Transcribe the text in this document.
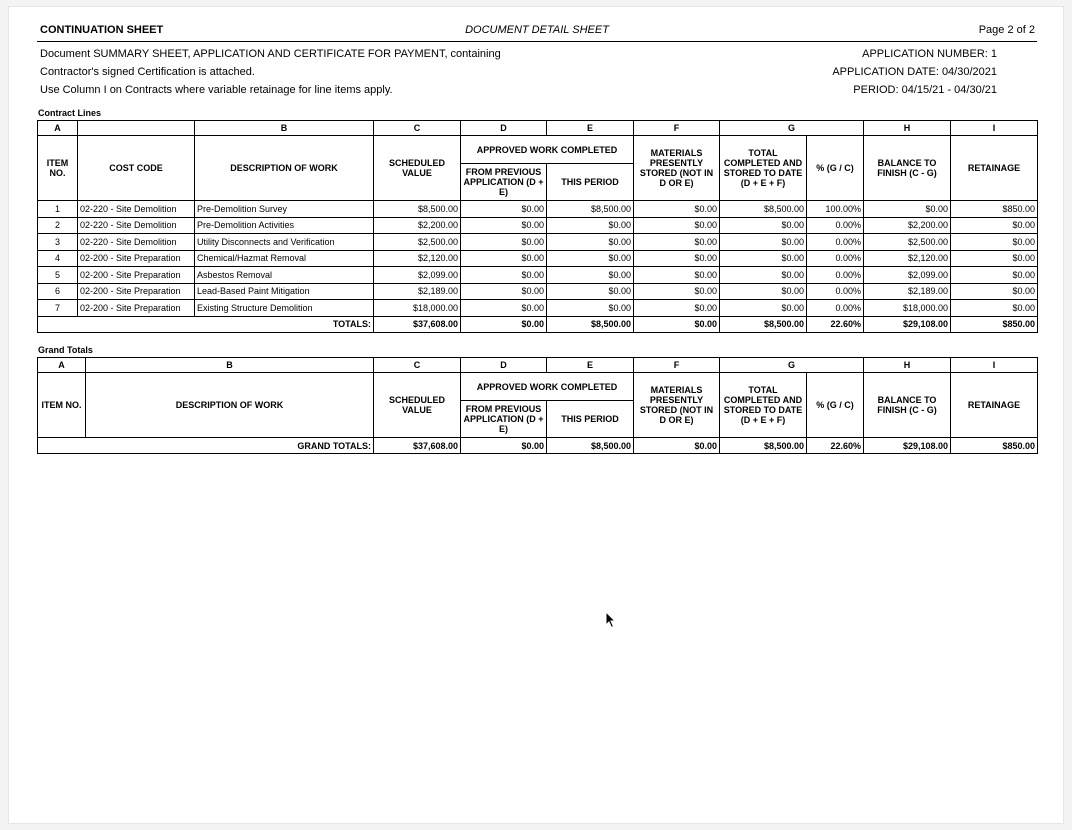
CONTINUATION SHEET	DOCUMENT DETAIL SHEET	Page 2 of 2
Document SUMMARY SHEET, APPLICATION AND CERTIFICATE FOR PAYMENT, containing
Contractor's signed Certification is attached.
Use Column I on Contracts where variable retainage for line items apply.
APPLICATION NUMBER: 1
APPLICATION DATE: 04/30/2021
PERIOD: 04/15/21 - 04/30/21
Contract Lines
A		B	C	D	E	F	G		H	I
ITEM NO.	COST CODE	DESCRIPTION OF WORK	SCHEDULED VALUE	APPROVED WORK COMPLETED		MATERIALS PRESENTLY STORED (NOT IN D OR E)	TOTAL COMPLETED AND STORED TO DATE (D + E + F)	% (G / C)	BALANCE TO FINISH (C - G)	RETAINAGE
				FROM PREVIOUS APPLICATION (D + E)	THIS PERIOD					
1	02-220 - Site Demolition	Pre-Demolition Survey	$8,500.00	$0.00	$8,500.00	$0.00	$8,500.00	100.00%	$0.00	$850.00
2	02-220 - Site Demolition	Pre-Demolition Activities	$2,200.00	$0.00	$0.00	$0.00	$0.00	0.00%	$2,200.00	$0.00
3	02-220 - Site Demolition	Utility Disconnects and Verification	$2,500.00	$0.00	$0.00	$0.00	$0.00	0.00%	$2,500.00	$0.00
4	02-200 - Site Preparation	Chemical/Hazmat Removal	$2,120.00	$0.00	$0.00	$0.00	$0.00	0.00%	$2,120.00	$0.00
5	02-200 - Site Preparation	Asbestos Removal	$2,099.00	$0.00	$0.00	$0.00	$0.00	0.00%	$2,099.00	$0.00
6	02-200 - Site Preparation	Lead-Based Paint Mitigation	$2,189.00	$0.00	$0.00	$0.00	$0.00	0.00%	$2,189.00	$0.00
7	02-200 - Site Preparation	Existing Structure Demolition	$18,000.00	$0.00	$0.00	$0.00	$0.00	0.00%	$18,000.00	$0.00
TOTALS:			$37,608.00	$0.00	$8,500.00	$0.00	$8,500.00	22.60%	$29,108.00	$850.00
Grand Totals
A	B	C	D	E	F	G		H	I
ITEM NO.	DESCRIPTION OF WORK	SCHEDULED VALUE	APPROVED WORK COMPLETED		MATERIALS PRESENTLY STORED (NOT IN D OR E)	TOTAL COMPLETED AND STORED TO DATE (D + E + F)	% (G / C)	BALANCE TO FINISH (C - G)	RETAINAGE
			FROM PREVIOUS APPLICATION (D + E)	THIS PERIOD					
GRAND TOTALS:		$37,608.00	$0.00	$8,500.00	$0.00	$8,500.00	22.60%	$29,108.00	$850.00
